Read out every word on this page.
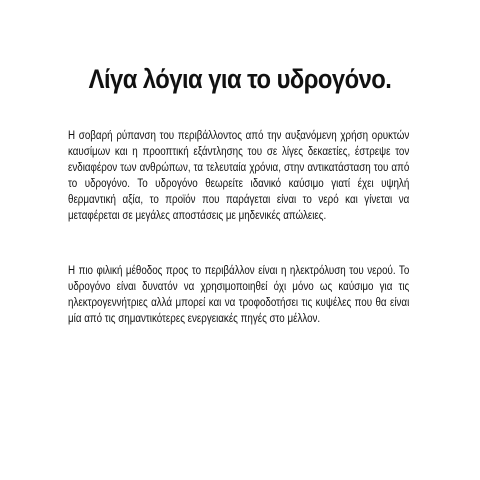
Λίγα λόγια για το υδρογόνο.

Η σοβαρή ρύπανση του περιβάλλοντος από την αυξανόμενη χρήση ορυκτών καυσίμων και η προοπτική εξάντλησης του σε λίγες δεκαετίες, έστρεψε τον ενδιαφέρον των ανθρώπων, τα τελευταία χρόνια, στην αντικατάσταση του από το υδρογόνο. Το υδρογόνο θεωρείτε ιδανικό καύσιμο γιατί έχει υψηλή θερμαντική αξία, το προϊόν που παράγεται είναι το νερό και γίνεται να μεταφέρεται σε μεγάλες αποστάσεις με μηδενικές απώλειες.

Η πιο φιλική μέθοδος προς το περιβάλλον είναι η ηλεκτρόλυση του νερού. Το υδρογόνο είναι δυνατόν να χρησιμοποιηθεί όχι μόνο ως καύσιμο για τις ηλεκτρογεννήτριες αλλά μπορεί και να τροφοδοτήσει τις κυψέλες που θα είναι μία από τις σημαντικότερες ενεργειακές πηγές στο μέλλον.
